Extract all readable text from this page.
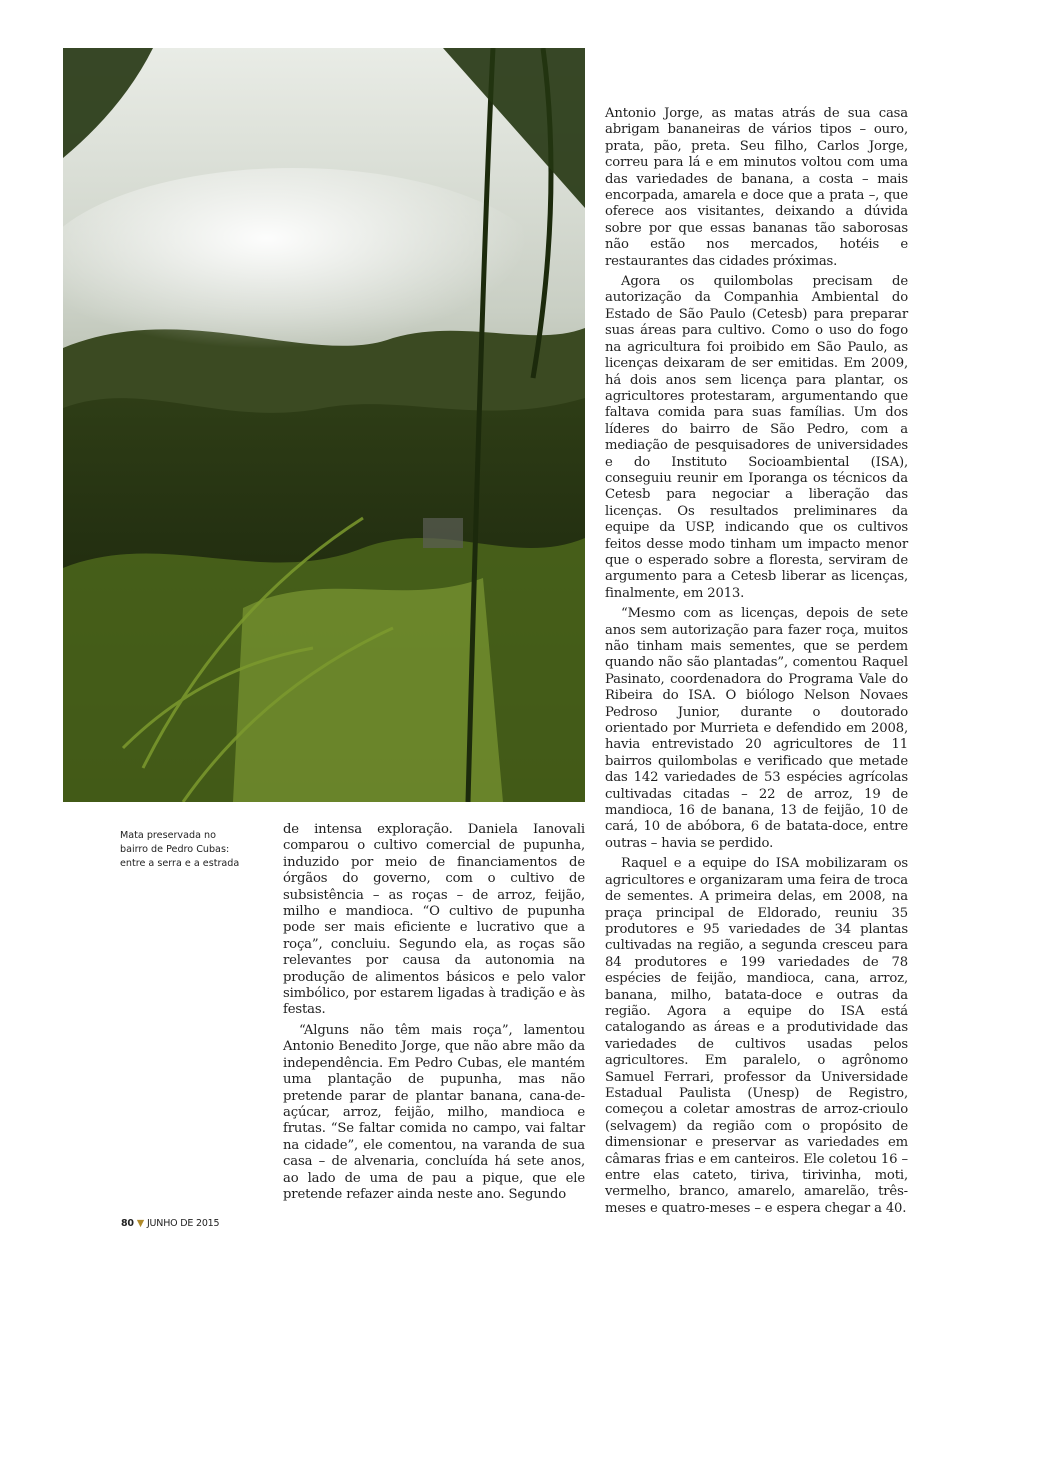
Mata preservada no bairro de Pedro Cubas: entre a serra e a estrada

de intensa exploração. Daniela Ianovali comparou o cultivo comercial de pupunha, induzido por meio de financiamentos de órgãos do governo, com o cultivo de subsistência – as roças – de arroz, feijão, milho e mandioca. “O cultivo de pupunha pode ser mais eficiente e lucrativo que a roça”, concluiu. Segundo ela, as roças são relevantes por causa da autonomia na produção de alimentos básicos e pelo valor simbólico, por estarem ligadas à tradição e às festas.

“Alguns não têm mais roça”, lamentou Antonio Benedito Jorge, que não abre mão da independência. Em Pedro Cubas, ele mantém uma plantação de pupunha, mas não pretende parar de plantar banana, cana-de-açúcar, arroz, feijão, milho, mandioca e frutas. “Se faltar comida no campo, vai faltar na cidade”, ele comentou, na varanda de sua casa – de alvenaria, concluída há sete anos, ao lado de uma de pau a pique, que ele pretende refazer ainda neste ano. Segundo

Antonio Jorge, as matas atrás de sua casa abrigam bananeiras de vários tipos – ouro, prata, pão, preta. Seu filho, Carlos Jorge, correu para lá e em minutos voltou com uma das variedades de banana, a costa – mais encorpada, amarela e doce que a prata –, que oferece aos visitantes, deixando a dúvida sobre por que essas bananas tão saborosas não estão nos mercados, hotéis e restaurantes das cidades próximas.

Agora os quilombolas precisam de autorização da Companhia Ambiental do Estado de São Paulo (Cetesb) para preparar suas áreas para cultivo. Como o uso do fogo na agricultura foi proibido em São Paulo, as licenças deixaram de ser emitidas. Em 2009, há dois anos sem licença para plantar, os agricultores protestaram, argumentando que faltava comida para suas famílias. Um dos líderes do bairro de São Pedro, com a mediação de pesquisadores de universidades e do Instituto Socioambiental (ISA), conseguiu reunir em Iporanga os técnicos da Cetesb para negociar a liberação das licenças. Os resultados preliminares da equipe da USP, indicando que os cultivos feitos desse modo tinham um impacto menor que o esperado sobre a floresta, serviram de argumento para a Cetesb liberar as licenças, finalmente, em 2013.

“Mesmo com as licenças, depois de sete anos sem autorização para fazer roça, muitos não tinham mais sementes, que se perdem quando não são plantadas”, comentou Raquel Pasinato, coordenadora do Programa Vale do Ribeira do ISA. O biólogo Nelson Novaes Pedroso Junior, durante o doutorado orientado por Murrieta e defendido em 2008, havia entrevistado 20 agricultores de 11 bairros quilombolas e verificado que metade das 142 variedades de 53 espécies agrícolas cultivadas citadas – 22 de arroz, 19 de mandioca, 16 de banana, 13 de feijão, 10 de cará, 10 de abóbora, 6 de batata-doce, entre outras – havia se perdido.

Raquel e a equipe do ISA mobilizaram os agricultores e organizaram uma feira de troca de sementes. A primeira delas, em 2008, na praça principal de Eldorado, reuniu 35 produtores e 95 variedades de 34 plantas cultivadas na região, a segunda cresceu para 84 produtores e 199 variedades de 78 espécies de feijão, mandioca, cana, arroz, banana, milho, batata-doce e outras da região. Agora a equipe do ISA está catalogando as áreas e a produtividade das variedades de cultivos usadas pelos agricultores. Em paralelo, o agrônomo Samuel Ferrari, professor da Universidade Estadual Paulista (Unesp) de Registro, começou a coletar amostras de arroz-crioulo (selvagem) da região com o propósito de dimensionar e preservar as variedades em câmaras frias e em canteiros. Ele coletou 16 – entre elas cateto, tiriva, tirivinha, moti, vermelho, branco, amarelo, amarelão, três-meses e quatro-meses – e espera chegar a 40.

80 ▼ JUNHO DE 2015
